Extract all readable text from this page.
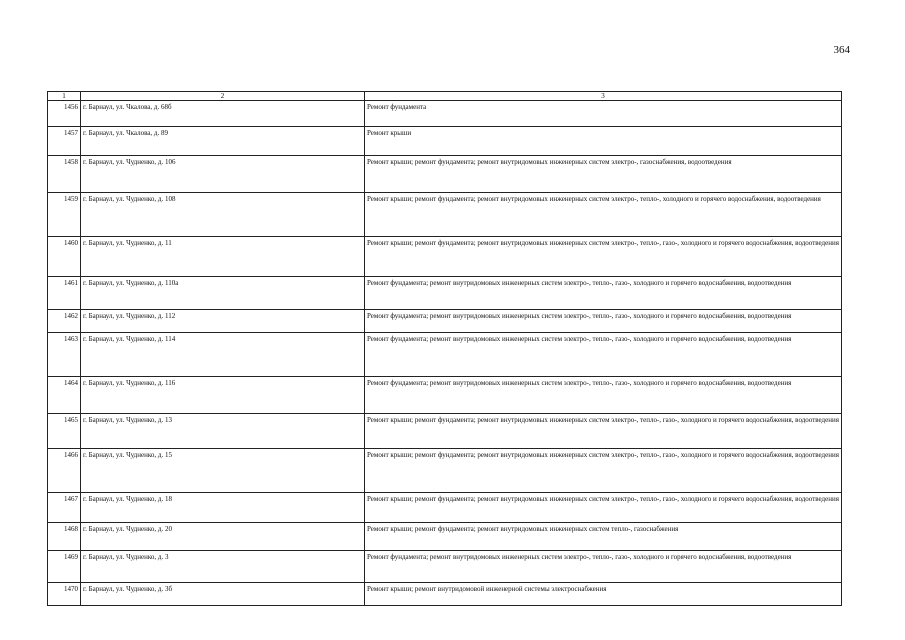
364
1	2	3
1456	г. Барнаул, ул. Чкалова, д. 68б	Ремонт фундамента
1457	г. Барнаул, ул. Чкалова, д. 89	Ремонт крыши
1458	г. Барнаул, ул. Чудненко, д. 106	Ремонт крыши; ремонт фундамента; ремонт внутридомовых инженерных систем электро-, газоснабжения, водоотведения
1459	г. Барнаул, ул. Чудненко, д. 108	Ремонт крыши; ремонт фундамента; ремонт внутридомовых инженерных систем электро-, тепло-, холодного и горячего водоснабжения, водоотведения
1460	г. Барнаул, ул. Чудненко, д. 11	Ремонт крыши; ремонт фундамента; ремонт внутридомовых инженерных систем электро-, тепло-, газо-, холодного и горячего водоснабжения, водоотведения
1461	г. Барнаул, ул. Чудненко, д. 110а	Ремонт фундамента; ремонт внутридомовых инженерных систем электро-, тепло-, газо-, холодного и горячего водоснабжения, водоотведения
1462	г. Барнаул, ул. Чудненко, д. 112	Ремонт фундамента; ремонт внутридомовых инженерных систем электро-, тепло-, газо-, холодного и горячего водоснабжения, водоотведения
1463	г. Барнаул, ул. Чудненко, д. 114	Ремонт фундамента; ремонт внутридомовых инженерных систем электро-, тепло-, газо-, холодного и горячего водоснабжения, водоотведения
1464	г. Барнаул, ул. Чудненко, д. 116	Ремонт фундамента; ремонт внутридомовых инженерных систем электро-, тепло-, газо-, холодного и горячего водоснабжения, водоотведения
1465	г. Барнаул, ул. Чудненко, д. 13	Ремонт крыши; ремонт фундамента; ремонт внутридомовых инженерных систем электро-, тепло-, газо-, холодного и горячего водоснабжения, водоотведения
1466	г. Барнаул, ул. Чудненко, д. 15	Ремонт крыши; ремонт фундамента; ремонт внутридомовых инженерных систем электро-, тепло-, газо-, холодного и горячего водоснабжения, водоотведения
1467	г. Барнаул, ул. Чудненко, д. 18	Ремонт крыши; ремонт фундамента; ремонт внутридомовых инженерных систем электро-, тепло-, газо-, холодного и горячего водоснабжения, водоотведения
1468	г. Барнаул, ул. Чудненко, д. 20	Ремонт крыши; ремонт фундамента; ремонт внутридомовых инженерных систем тепло-, газоснабжения
1469	г. Барнаул, ул. Чудненко, д. 3	Ремонт фундамента; ремонт внутридомовых инженерных систем электро-, тепло-, газо-, холодного и горячего водоснабжения, водоотведения
1470	г. Барнаул, ул. Чудненко, д. 3б	Ремонт крыши; ремонт внутридомовой инженерной системы электроснабжения
